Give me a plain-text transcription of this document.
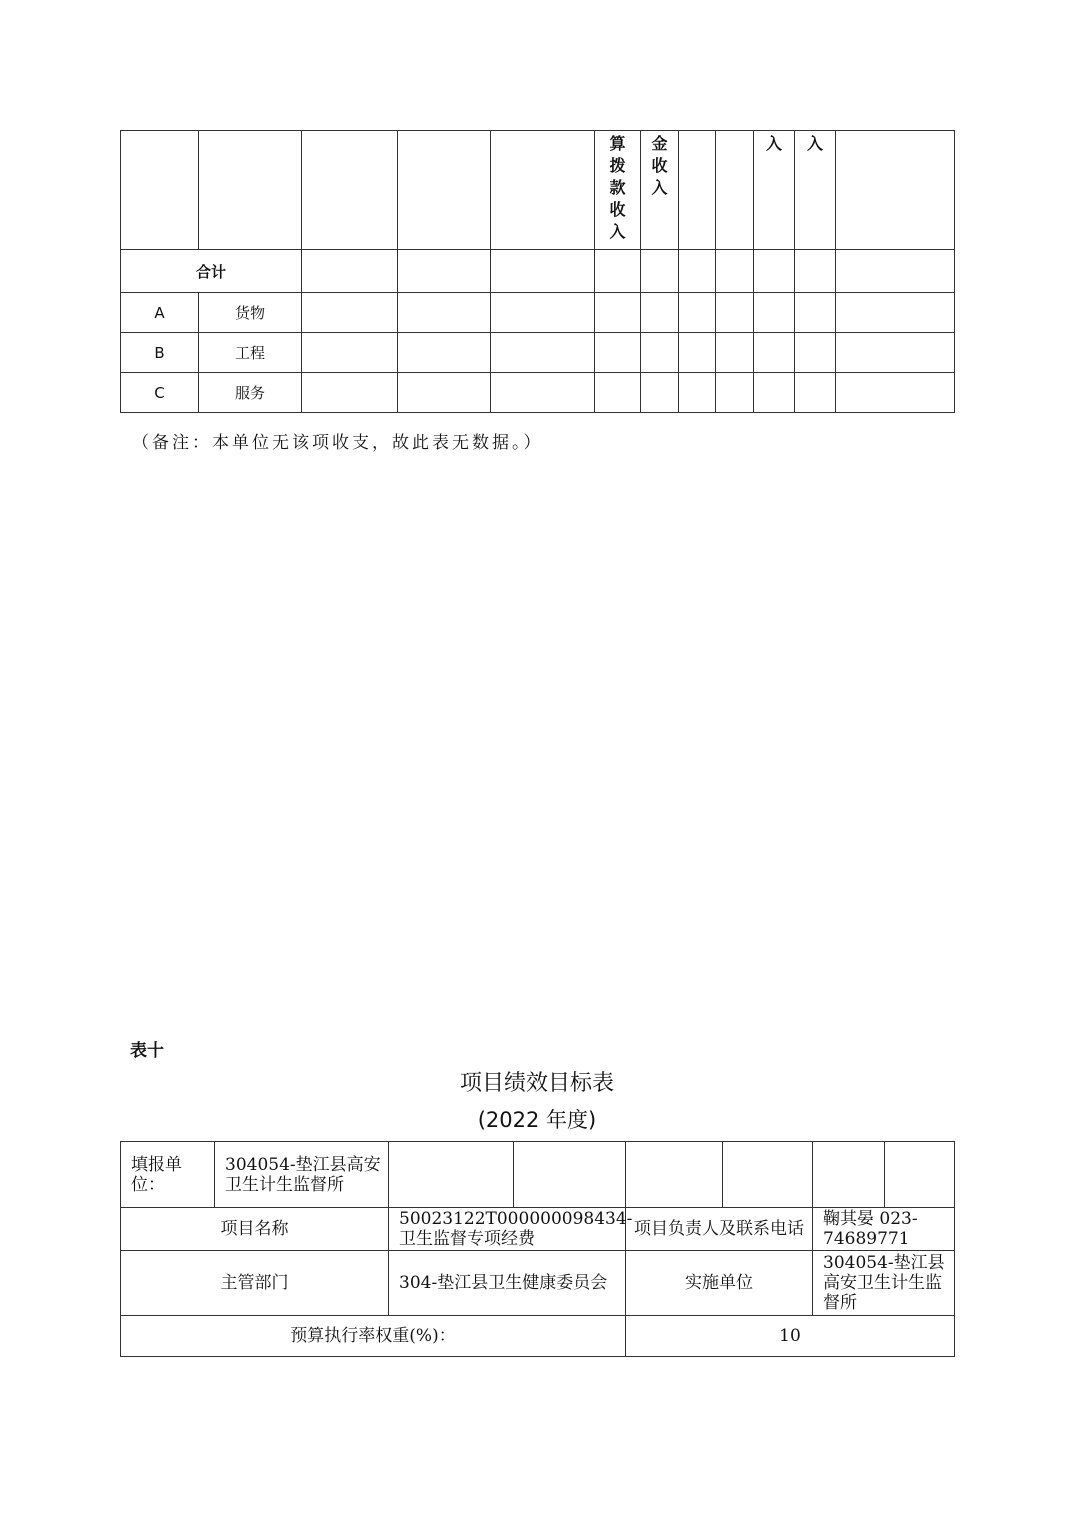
					算拨款收入	金收入			入	入	
合计											
A	货物										
B	工程										
C	服务										
（备注：本单位无该项收支，故此表无数据。）
表十
项目绩效目标表
(2022 年度)
填报单位：	304054-垫江县高安卫生计生监督所						
项目名称		50023122T000000098434-卫生监督专项经费		项目负责人及联系电话		鞠其晏 023-74689771	
主管部门		304-垫江县卫生健康委员会		实施单位		304054-垫江县高安卫生计生监督所	
预算执行率权重(%)：				10			
